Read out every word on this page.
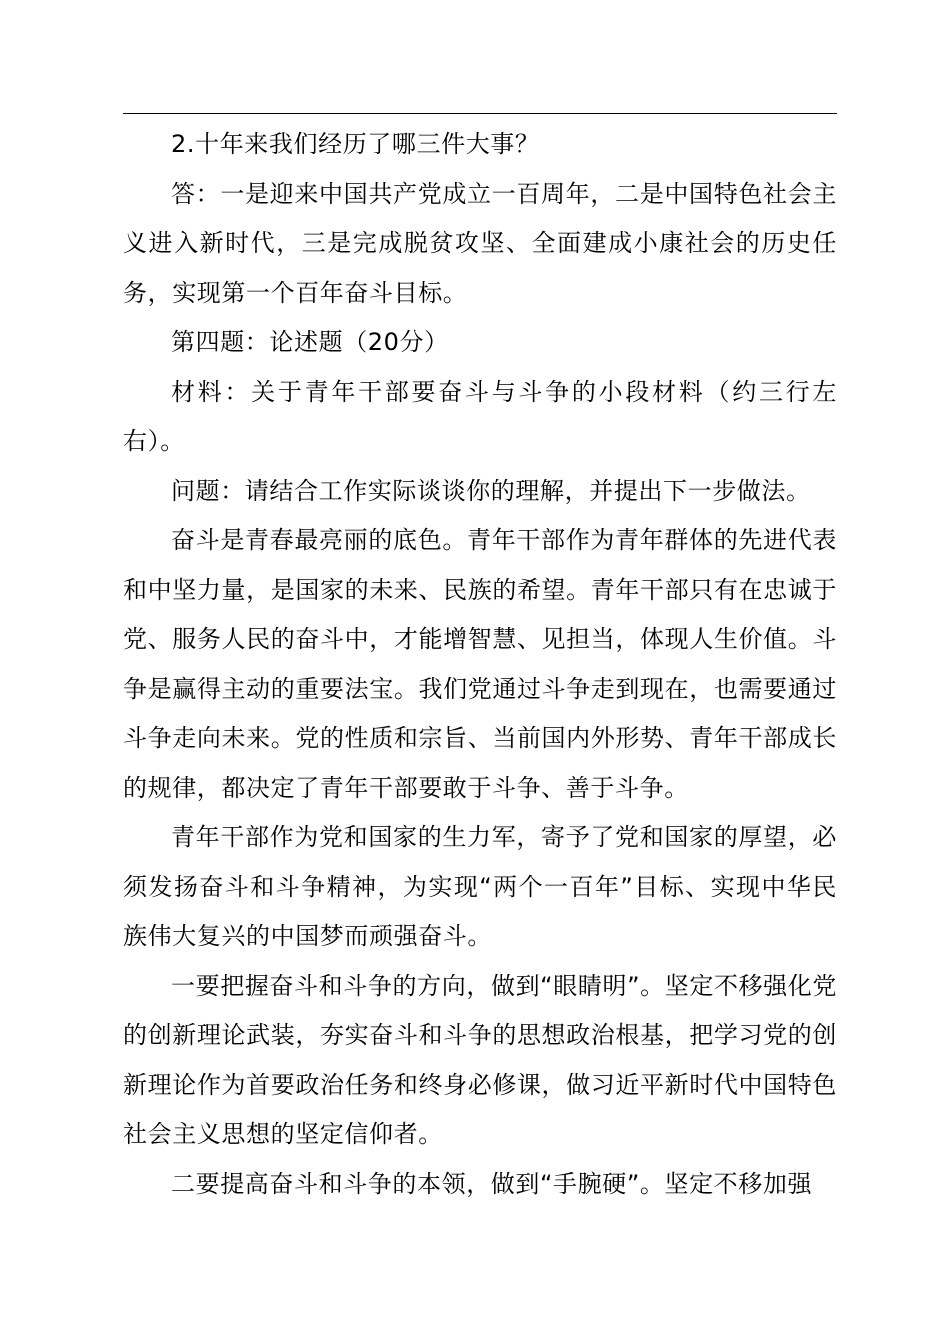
2.十年来我们经历了哪三件大事？

答：一是迎来中国共产党成立一百周年，二是中国特色社会主义进入新时代，三是完成脱贫攻坚、全面建成小康社会的历史任务，实现第一个百年奋斗目标。

第四题：论述题（20分）

材料：关于青年干部要奋斗与斗争的小段材料（约三行左右）。

问题：请结合工作实际谈谈你的理解，并提出下一步做法。

奋斗是青春最亮丽的底色。青年干部作为青年群体的先进代表和中坚力量，是国家的未来、民族的希望。青年干部只有在忠诚于党、服务人民的奋斗中，才能增智慧、见担当，体现人生价值。斗争是赢得主动的重要法宝。我们党通过斗争走到现在，也需要通过斗争走向未来。党的性质和宗旨、当前国内外形势、青年干部成长的规律，都决定了青年干部要敢于斗争、善于斗争。

青年干部作为党和国家的生力军，寄予了党和国家的厚望，必须发扬奋斗和斗争精神，为实现“两个一百年”目标、实现中华民族伟大复兴的中国梦而顽强奋斗。

一要把握奋斗和斗争的方向，做到“眼睛明”。坚定不移强化党的创新理论武装，夯实奋斗和斗争的思想政治根基，把学习党的创新理论作为首要政治任务和终身必修课，做习近平新时代中国特色社会主义思想的坚定信仰者。

二要提高奋斗和斗争的本领，做到“手腕硬”。坚定不移加强
